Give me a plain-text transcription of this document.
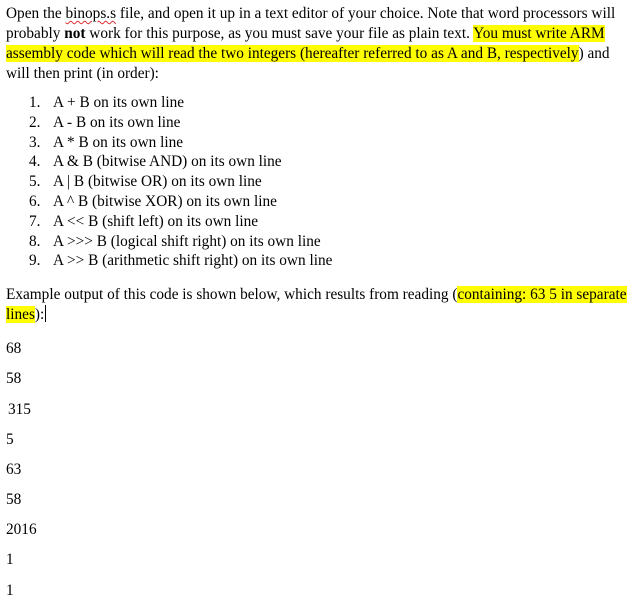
Open the binops.s file, and open it up in a text editor of your choice. Note that word processors will probably not work for this purpose, as you must save your file as plain text. You must write ARM assembly code which will read the two integers (hereafter referred to as A and B, respectively) and will then print (in order):

1. A + B on its own line
2. A - B on its own line
3. A * B on its own line
4. A & B (bitwise AND) on its own line
5. A | B (bitwise OR) on its own line
6. A ^ B (bitwise XOR) on its own line
7. A << B (shift left) on its own line
8. A >>> B (logical shift right) on its own line
9. A >> B (arithmetic shift right) on its own line

Example output of this code is shown below, which results from reading (containing: 63 5 in separate lines):

68
58
315
5
63
58
2016
1
1
